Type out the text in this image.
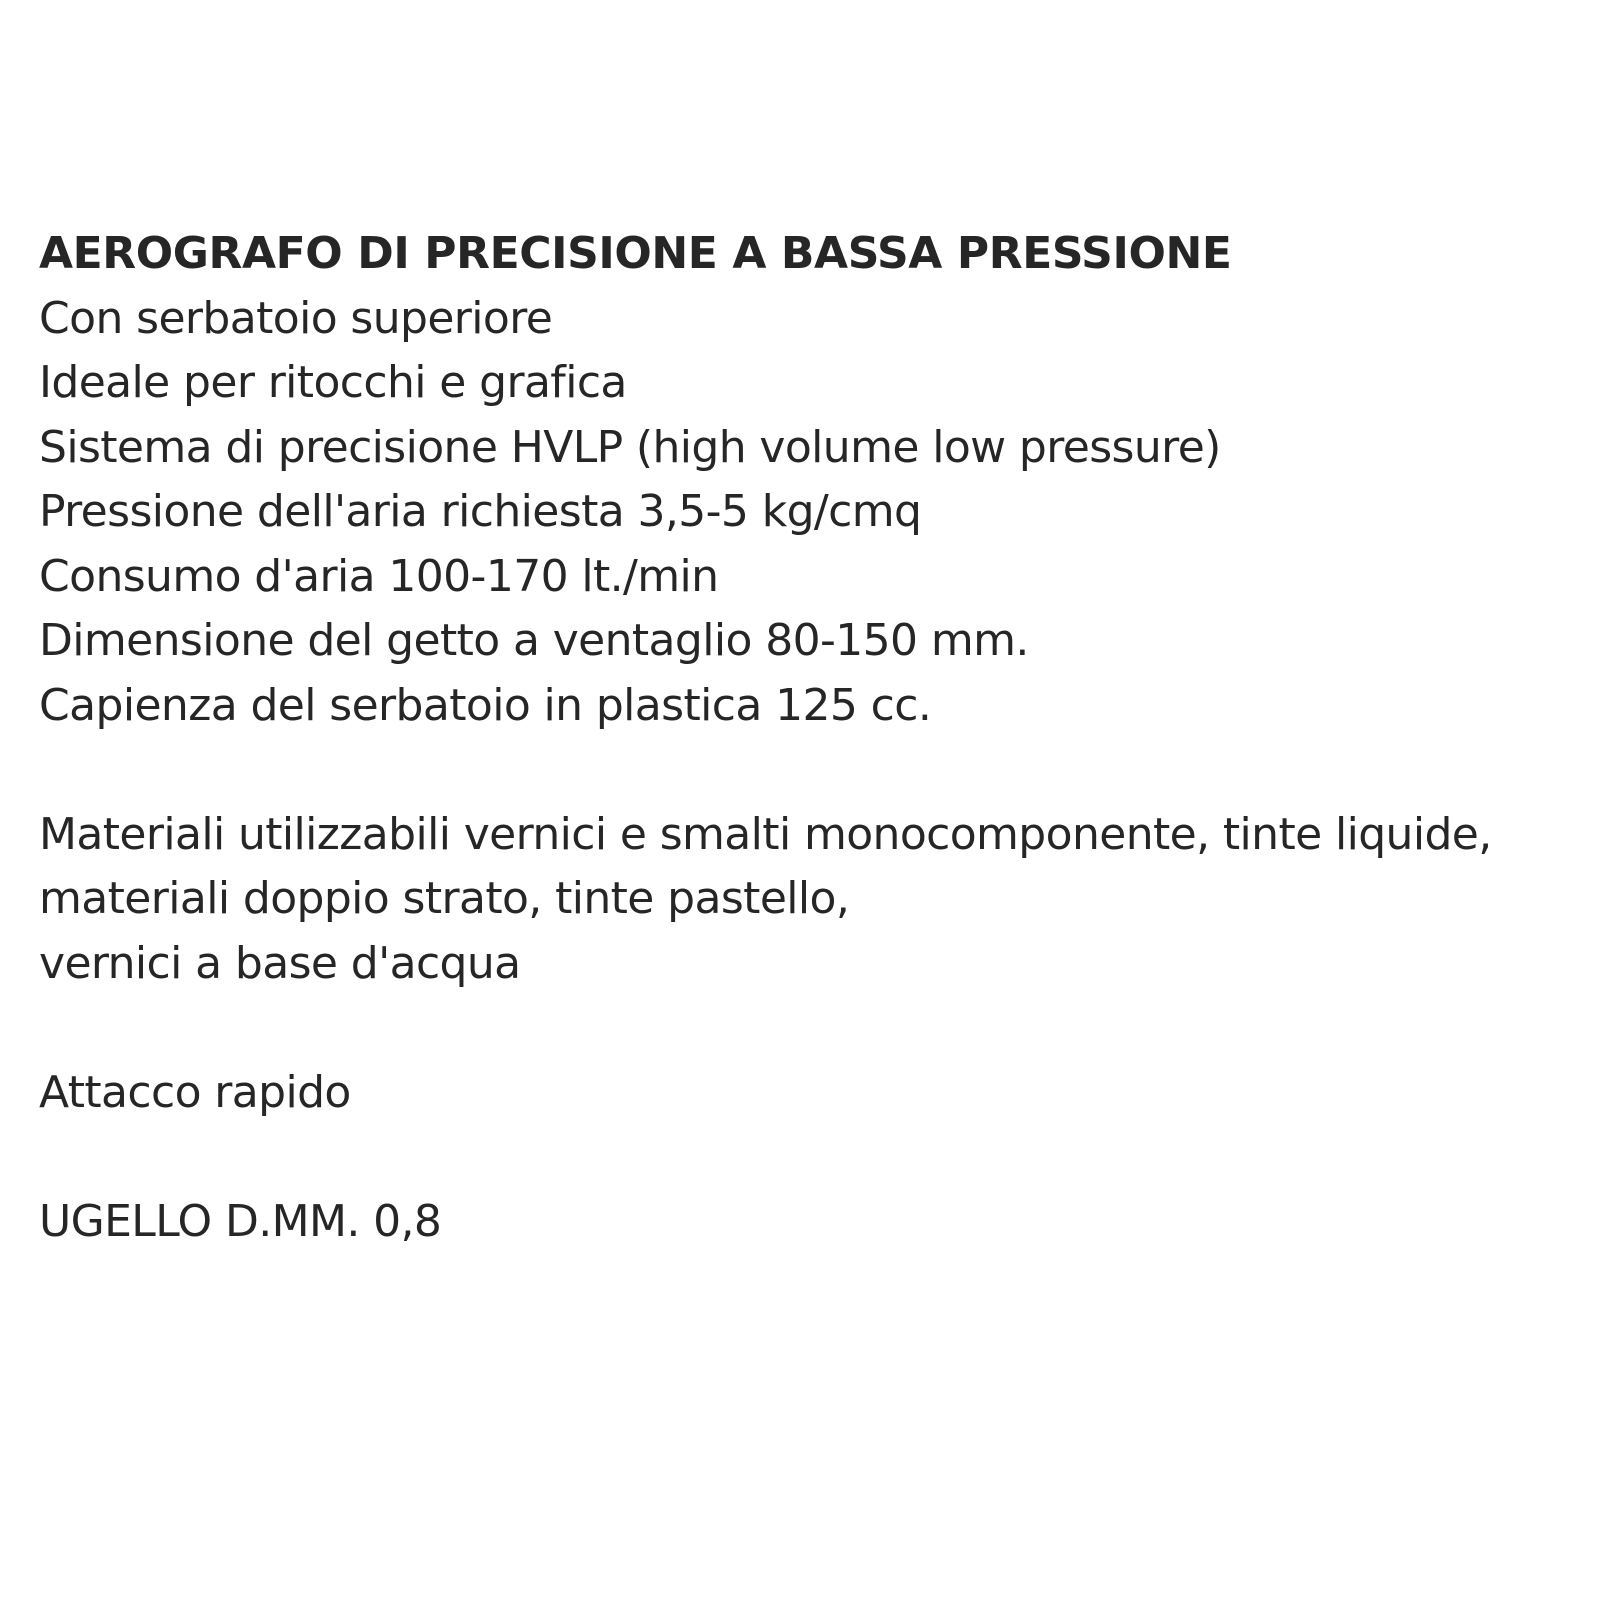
AEROGRAFO DI PRECISIONE A BASSA PRESSIONE

Con serbatoio superiore

Ideale per ritocchi e grafica

Sistema di precisione HVLP (high volume low pressure)

Pressione dell'aria richiesta 3,5-5 kg/cmq

Consumo d'aria 100-170 lt./min

Dimensione del getto a ventaglio 80-150 mm.

Capienza del serbatoio in plastica 125 cc.

Materiali utilizzabili vernici e smalti monocomponente, tinte liquide,

materiali doppio strato, tinte pastello,

vernici a base d'acqua

Attacco rapido

UGELLO D.MM. 0,8
